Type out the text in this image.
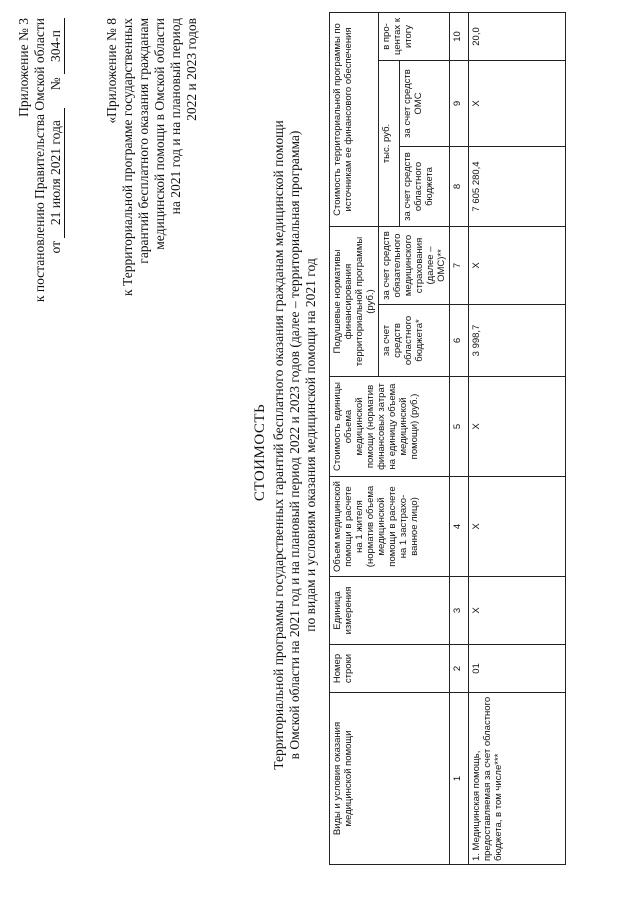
Приложение № 3 к постановлению Правительства Омской области от 21 июля 2021 года № 304-п	«Приложение № 8 к Территориальной программе государственных гарантий бесплатного оказания гражданам медицинской помощи в Омской области на 2021 год и на плановый период 2022 и 2023 годов
СТОИМОСТЬ Территориальной программы государственных гарантий бесплатного оказания гражданам медицинской помощи в Омской области на 2021 год и на плановый период 2022 и 2023 годов (далее – территориальная программа) по видам и условиям оказания медицинской помощи на 2021 год
Виды и условия оказания медицинской помощи	Номер строки	Единица измерения	Объем медицинской помощи в расчете на 1 жителя (норматив объема медицинской помощи в расчете на 1 застрахо-ванное лицо)	Стоимость единицы объема медицинской помощи (норматив финансовых затрат на единицу объема медицинской помощи) (руб.)	Подушевые нормативы финансирования территориальной программы (руб.)		Стоимость территориальной программы по источникам ее финансового обеспечения		
					за счет средств областного бюджета*	за счет средств обязательного медицинского страхования (далее – ОМС)**	тыс. руб.		в про-центах к итогу
							за счет средств областного бюджета	за счет средств ОМС	
1	2	3	4	5	6	7	8	9	10
1. Медицинская помощь, предоставляемая за счет областного бюджета, в том числе***	01	X	X	X	3 998,7	X	7 605 280,4	X	20,0
